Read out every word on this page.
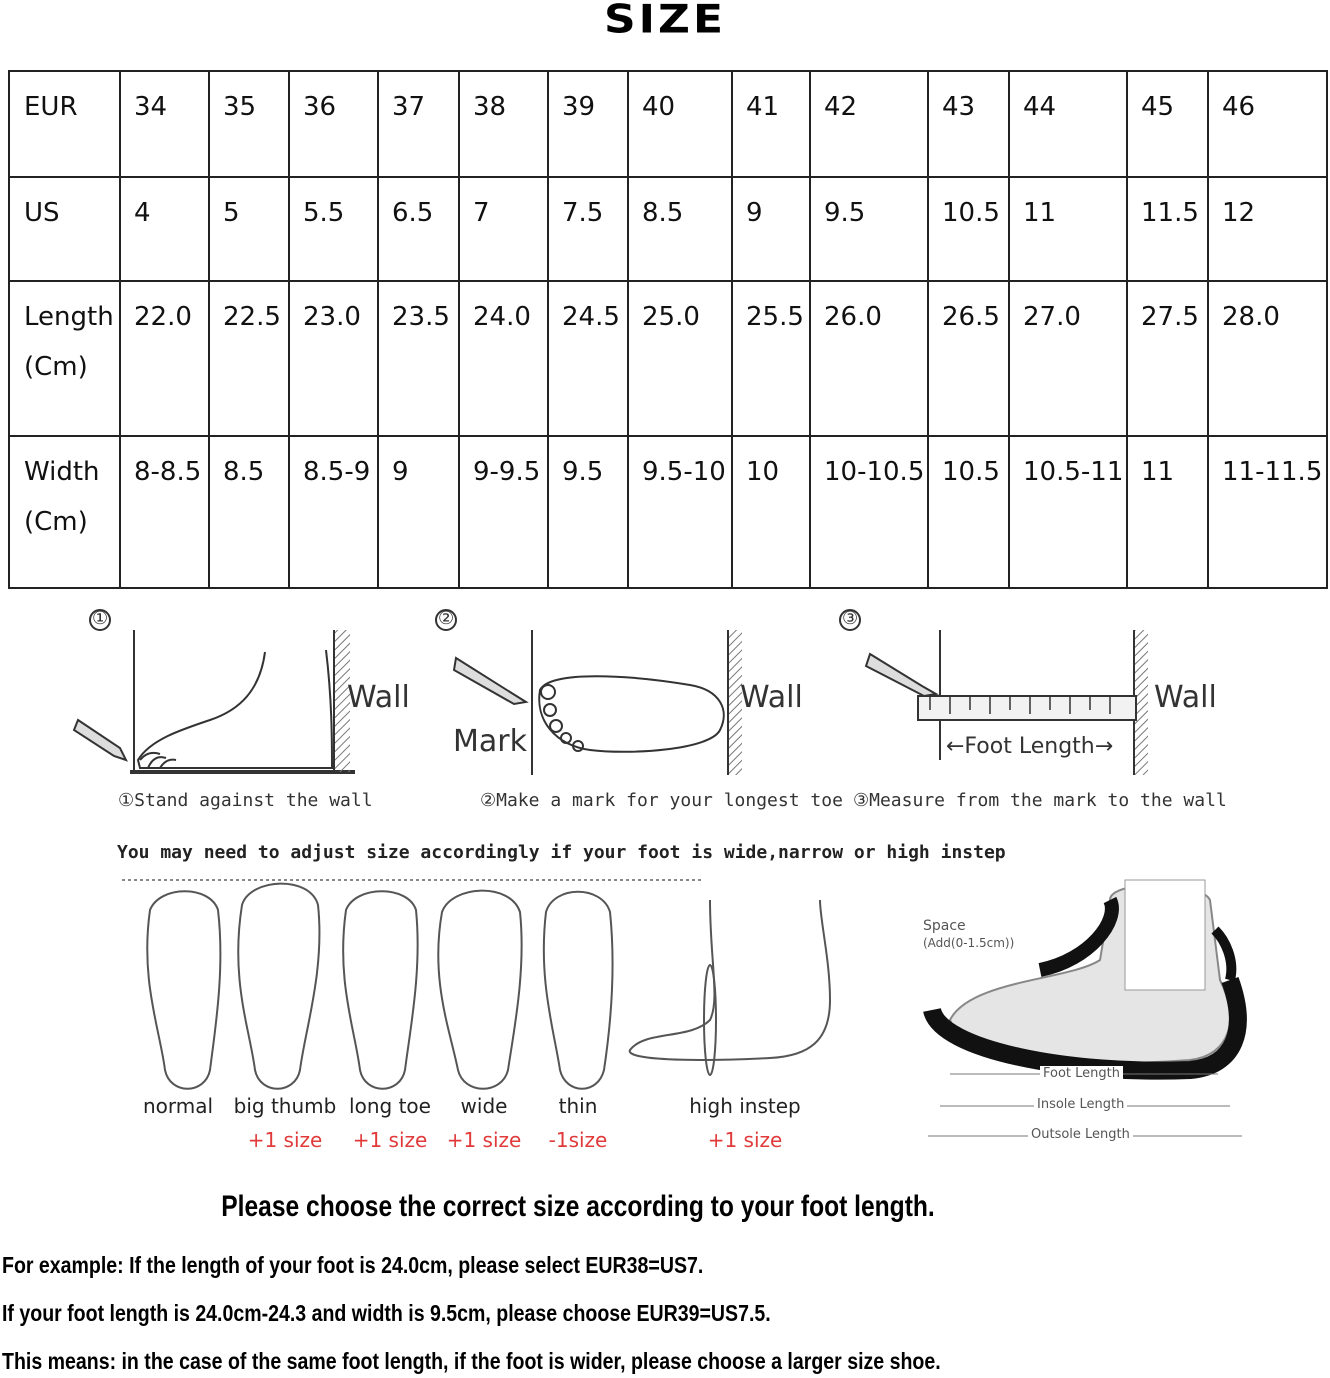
SIZE
EUR	34	35	36	37	38	39	40	41	42	43	44	45	46

US	4	5	5.5	6.5	7	7.5	8.5	9	9.5	10.5	11	11.5	12

Length
(Cm)	22.0	22.5	23.0	23.5	24.0	24.5	25.0	25.5	26.0	26.5	27.0	27.5	28.0

Width
(Cm)	8-8.5	8.5	8.5-9	9	9-9.5	9.5	9.5-10	10	10-10.5	10.5	10.5-11	11	11-11.5
①
Wall
①Stand against the wall
②
Mark
Wall
②Make a mark for your longest toe
③
Wall
←Foot Length→
③Measure from the mark to the wall
You may need to adjust size accordingly if your foot is wide,narrow or high instep
normal	big thumb
+1 size
long toe
+1 size
wide
+1 size
thin
-1size
high instep
+1 size
Space
(Add(0-1.5cm))
Foot Length
Insole Length
Outsole Length
Please choose the correct size according to your foot length.
For example: If the length of your foot is 24.0cm, please select EUR38=US7.
If your foot length is 24.0cm-24.3 and width is 9.5cm, please choose EUR39=US7.5.
This means: in the case of the same foot length, if the foot is wider, please choose a larger size shoe.
